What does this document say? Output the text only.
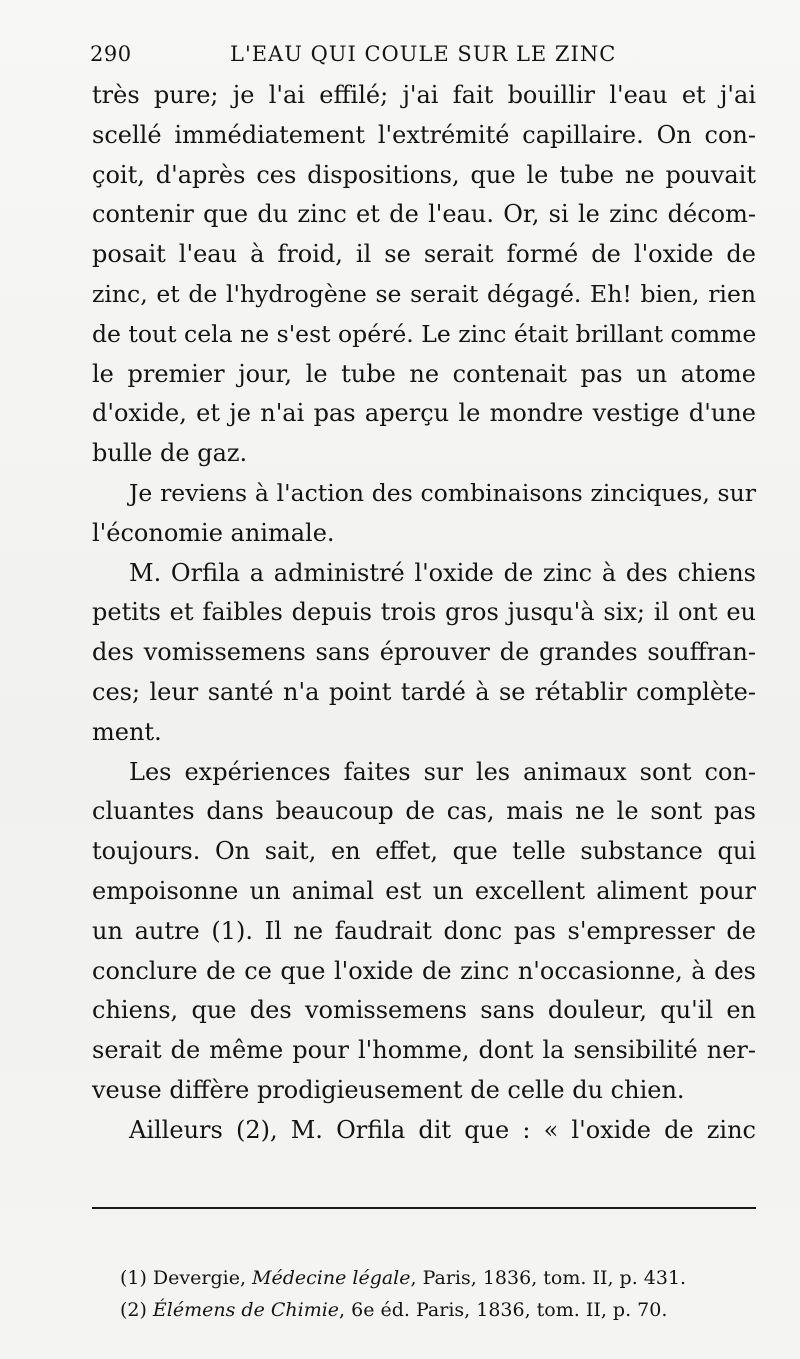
290	L'EAU QUI COULE SUR LE ZINC
très pure; je l'ai effilé; j'ai fait bouillir l'eau et j'ai
scellé immédiatement l'extrémité capillaire. On con-
çoit, d'après ces dispositions, que le tube ne pouvait
contenir que du zinc et de l'eau. Or, si le zinc décom-
posait l'eau à froid, il se serait formé de l'oxide de
zinc, et de l'hydrogène se serait dégagé. Eh! bien, rien
de tout cela ne s'est opéré. Le zinc était brillant comme
le premier jour, le tube ne contenait pas un atome
d'oxide, et je n'ai pas aperçu le mondre vestige d'une
bulle de gaz.
Je reviens à l'action des combinaisons zinciques, sur
l'économie animale.
M. Orfila a administré l'oxide de zinc à des chiens
petits et faibles depuis trois gros jusqu'à six; il ont eu
des vomissemens sans éprouver de grandes souffran-
ces; leur santé n'a point tardé à se rétablir complète-
ment.
Les expériences faites sur les animaux sont con-
cluantes dans beaucoup de cas, mais ne le sont pas
toujours. On sait, en effet, que telle substance qui
empoisonne un animal est un excellent aliment pour
un autre (1). Il ne faudrait donc pas s'empresser de
conclure de ce que l'oxide de zinc n'occasionne, à des
chiens, que des vomissemens sans douleur, qu'il en
serait de même pour l'homme, dont la sensibilité ner-
veuse diffère prodigieusement de celle du chien.
Ailleurs (2), M. Orfila dit que : « l'oxide de zinc
(1) Devergie, Médecine légale, Paris, 1836, tom. II, p. 431.
(2) Élémens de Chimie, 6e éd. Paris, 1836, tom. II, p. 70.
